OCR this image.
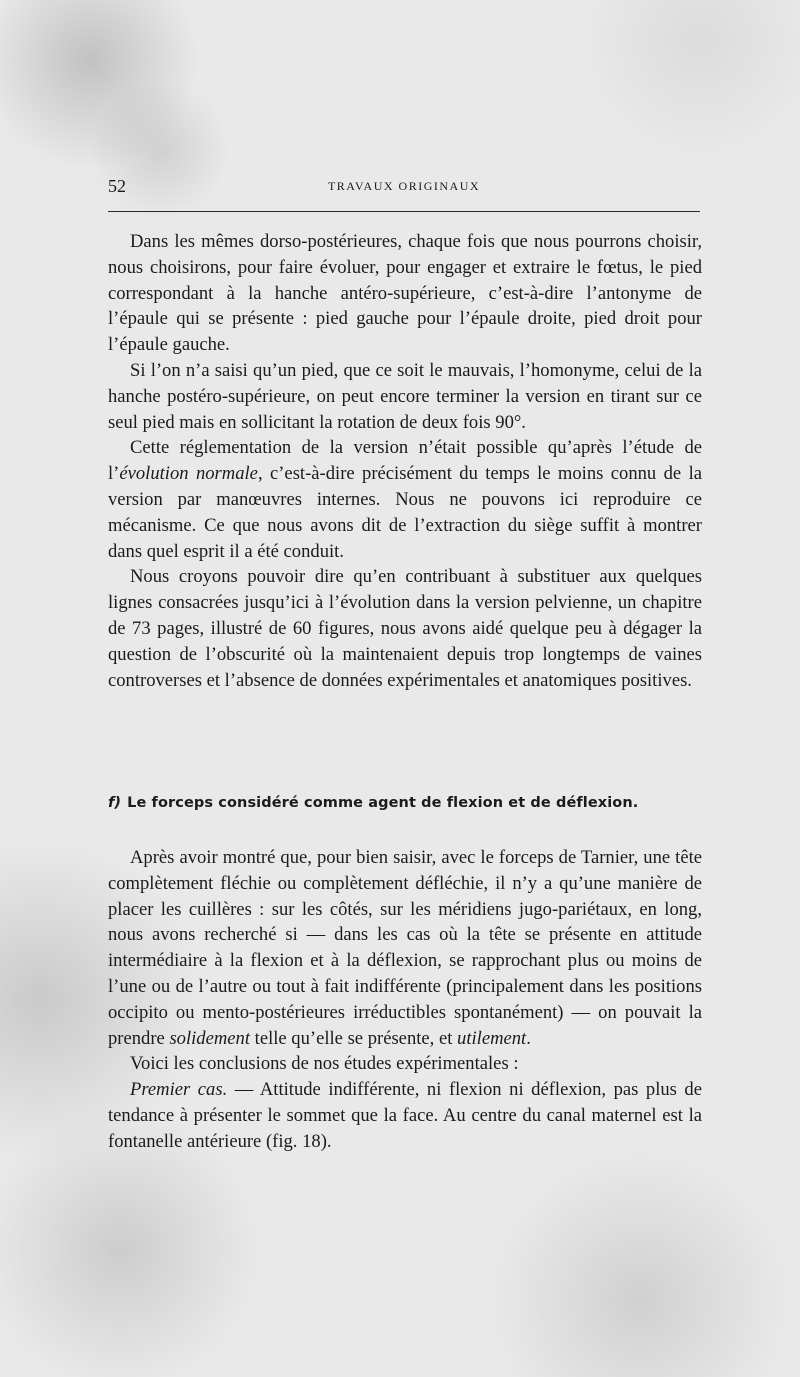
52	TRAVAUX ORIGINAUX

Dans les mêmes dorso-postérieures, chaque fois que nous pourrons choisir, nous choisirons, pour faire évoluer, pour engager et extraire le fœtus, le pied correspondant à la hanche antéro-supérieure, c’est-à-dire l’antonyme de l’épaule qui se présente : pied gauche pour l’épaule droite, pied droit pour l’épaule gauche.

Si l’on n’a saisi qu’un pied, que ce soit le mauvais, l’homonyme, celui de la hanche postéro-supérieure, on peut encore terminer la version en tirant sur ce seul pied mais en sollicitant la rotation de deux fois 90°.

Cette réglementation de la version n’était possible qu’après l’étude de l’évolution normale, c’est-à-dire précisément du temps le moins connu de la version par manœuvres internes. Nous ne pouvons ici reproduire ce mécanisme. Ce que nous avons dit de l’extraction du siège suffit à montrer dans quel esprit il a été conduit.

Nous croyons pouvoir dire qu’en contribuant à substituer aux quelques lignes consacrées jusqu’ici à l’évolution dans la version pelvienne, un chapitre de 73 pages, illustré de 60 figures, nous avons aidé quelque peu à dégager la question de l’obscurité où la maintenaient depuis trop longtemps de vaines controverses et l’absence de données expérimentales et anatomiques positives.

f) Le forceps considéré comme agent de flexion et de déflexion.

Après avoir montré que, pour bien saisir, avec le forceps de Tarnier, une tête complètement fléchie ou complètement défléchie, il n’y a qu’une manière de placer les cuillères : sur les côtés, sur les méridiens jugo-pariétaux, en long, nous avons recherché si — dans les cas où la tête se présente en attitude intermédiaire à la flexion et à la déflexion, se rapprochant plus ou moins de l’une ou de l’autre ou tout à fait indifférente (principalement dans les positions occipito ou mento-postérieures irréductibles spontanément) — on pouvait la prendre solidement telle qu’elle se présente, et utilement.

Voici les conclusions de nos études expérimentales :

Premier cas. — Attitude indifférente, ni flexion ni déflexion, pas plus de tendance à présenter le sommet que la face. Au centre du canal maternel est la fontanelle antérieure (fig. 18).
